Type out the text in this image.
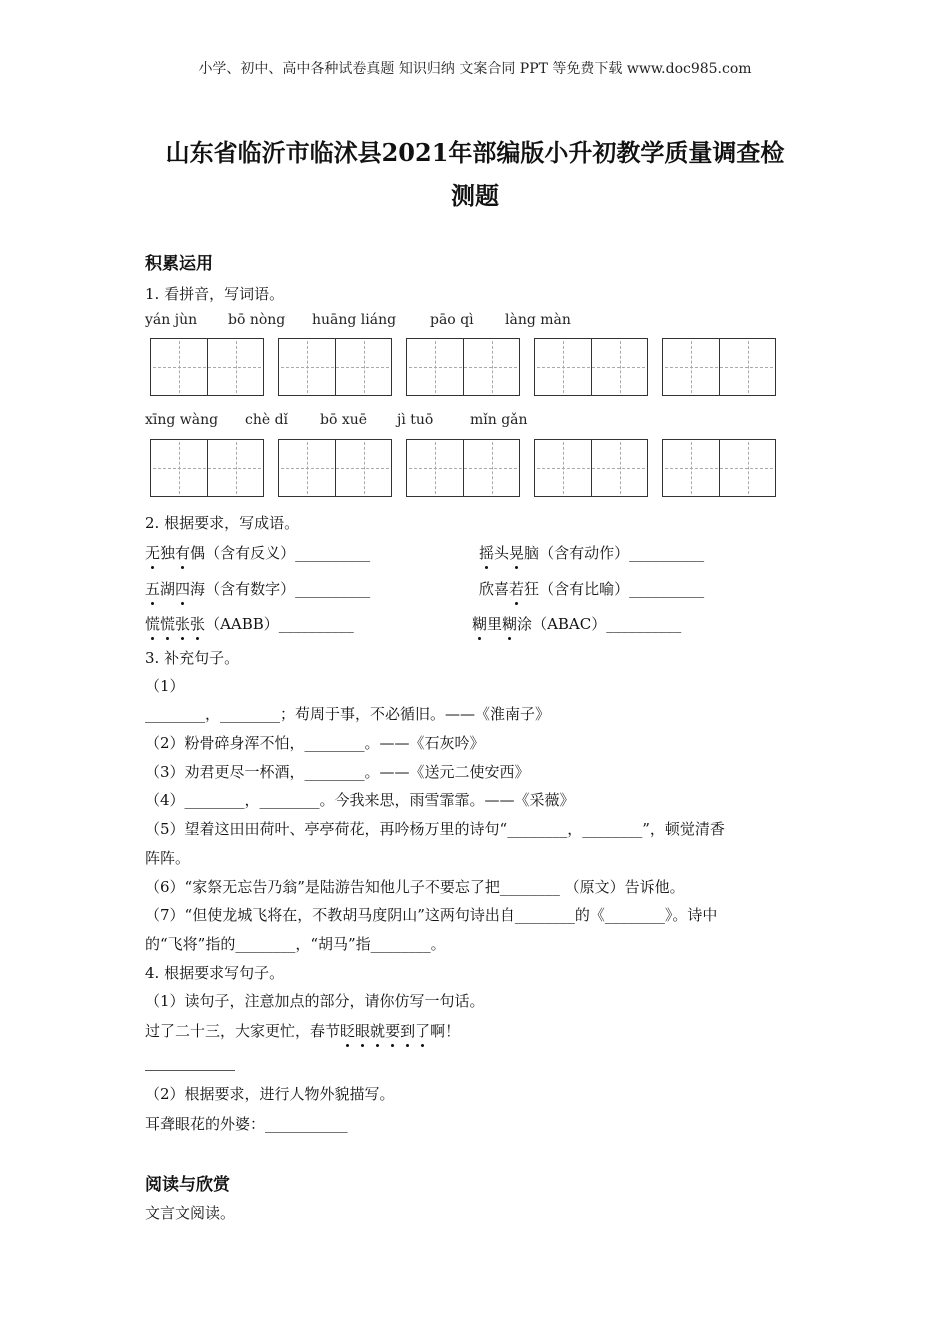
小学、初中、高中各种试卷真题 知识归纳 文案合同 PPT 等免费下载 www.doc985.com
山东省临沂市临沭县2021年部编版小升初教学质量调查检
测题
积累运用
1. 看拼音，写词语。
yán jùn bō nòng huāng liáng pāo qì làng màn
xīng wàng chè dǐ bō xuē jì tuō	mǐn gǎn
2. 根据要求，写成语。
无独有偶（含有反义）__________	摇头晃脑（含有动作）__________
五湖四海（含有数字）__________	欣喜若狂（含有比喻）__________
慌慌张张（AABB）__________	糊里糊涂（ABAC）__________
3. 补充句子。
（1）
________，________；苟周于事，不必循旧。——《淮南子》
（2）粉骨碎身浑不怕，________。——《石灰吟》
（3）劝君更尽一杯酒，________。——《送元二使安西》
（4）________，________。今我来思，雨雪霏霏。——《采薇》
（5）望着这田田荷叶、亭亭荷花，再吟杨万里的诗句“________，________”，顿觉清香
阵阵。
（6）“家祭无忘告乃翁”是陆游告知他儿子不要忘了把________ （原文）告诉他。
（7）“但使龙城飞将在，不教胡马度阴山”这两句诗出自________的《________》。诗中
的“飞将”指的________，“胡马”指________。
4. 根据要求写句子。
（1）读句子，注意加点的部分，请你仿写一句话。
过了二十三，大家更忙，春节眨眼就要到了啊！
（2）根据要求，进行人物外貌描写。
耳聋眼花的外婆：___________
阅读与欣赏
文言文阅读。
